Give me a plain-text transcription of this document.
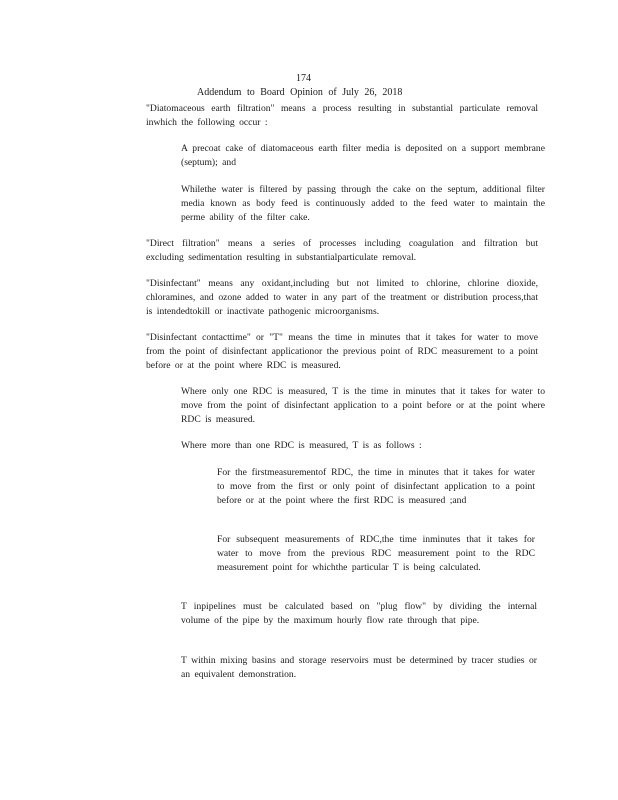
174
Addendum to Board Opinion of July 26, 2018

"Diatomaceous earth filtration" means a process resulting in substantial particulate removal inwhich the following occur :

A precoat cake of diatomaceous earth filter media is deposited on a support membrane (septum); and

Whilethe water is filtered by passing through the cake on the septum, additional filter media known as body feed is continuously added to the feed water to maintain the perme ability of the filter cake.

"Direct filtration" means a series of processes including coagulation and filtration but excluding sedimentation resulting in substantialparticulate removal.

"Disinfectant" means any oxidant,including but not limited to chlorine, chlorine dioxide, chloramines, and ozone added to water in any part of the treatment or distribution process,that is intendedtokill or inactivate pathogenic microorganisms.

"Disinfectant contacttime" or "T" means the time in minutes that it takes for water to move from the point of disinfectant applicationor the previous point of RDC measurement to a point before or at the point where RDC is measured.

Where only one RDC is measured, T is the time in minutes that it takes for water to move from the point of disinfectant application to a point before or at the point where RDC is measured.

Where more than one RDC is measured, T is as follows :

For the firstmeasurementof RDC, the time in minutes that it takes for water to move from the first or only point of disinfectant application to a point before or at the point where the first RDC is measured ;and

For subsequent measurements of RDC,the time inminutes that it takes for water to move from the previous RDC measurement point to the RDC measurement point for whichthe particular T is being calculated.

T inpipelines must be calculated based on "plug flow" by dividing the internal volume of the pipe by the maximum hourly flow rate through that pipe.

T within mixing basins and storage reservoirs must be determined by tracer studies or an equivalent demonstration.
